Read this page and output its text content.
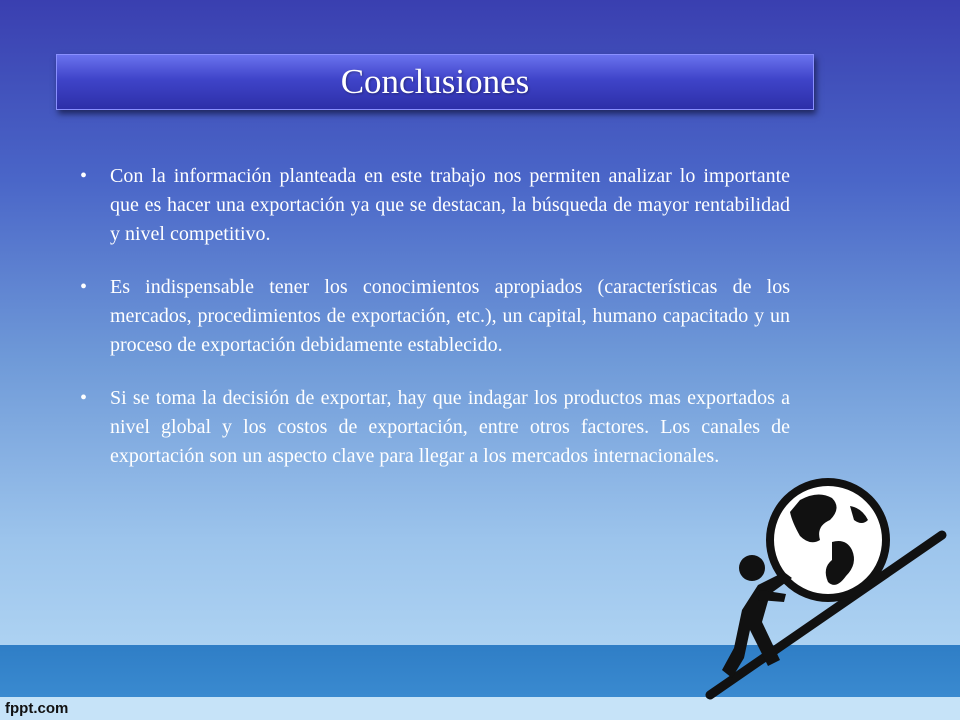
Conclusiones
•	Con la información planteada en este trabajo nos permiten analizar lo importante que es hacer una exportación ya que se destacan, la búsqueda de mayor rentabilidad y nivel competitivo.
•	Es indispensable tener los conocimientos apropiados (características de los mercados, procedimientos de exportación, etc.), un capital, humano capacitado y un proceso de exportación debidamente establecido.
•	Si se toma la decisión de exportar, hay que indagar los productos mas exportados a nivel global y los costos de exportación, entre otros factores. Los canales de exportación son un aspecto clave para llegar a los mercados internacionales.
fppt.com
